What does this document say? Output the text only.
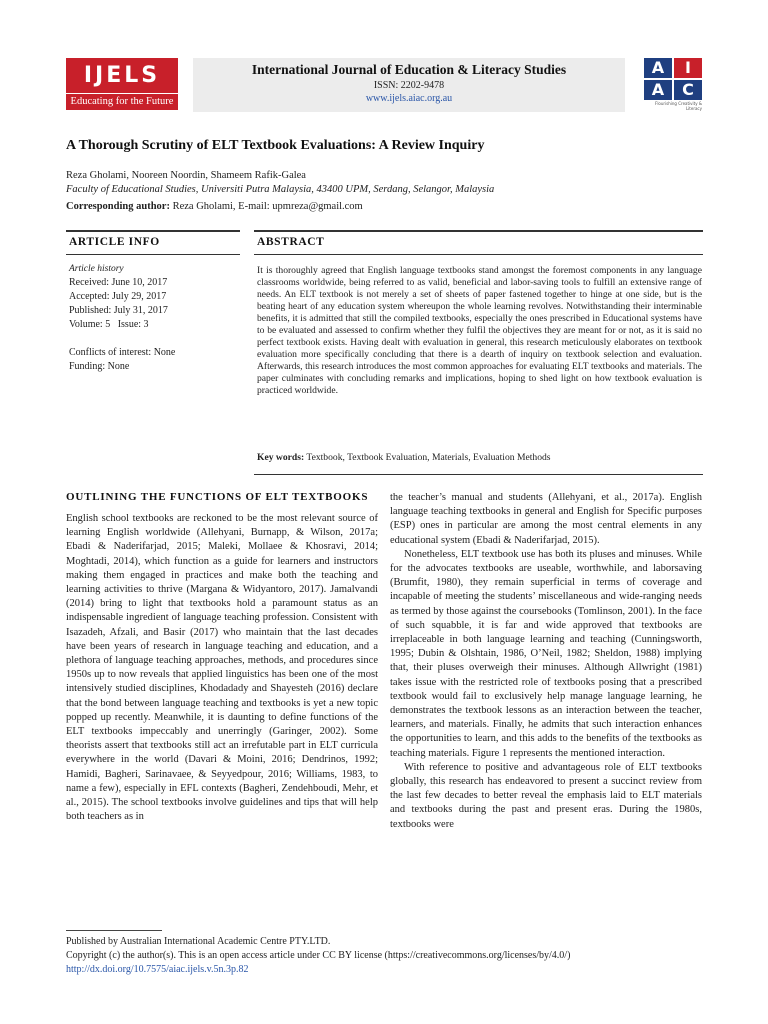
IJELS
Educating for the Future
International Journal of Education & Literacy Studies
ISSN: 2202-9478
www.ijels.aiac.org.au
A	I
A	C
Flourishing Creativity & Literacy
A Thorough Scrutiny of ELT Textbook Evaluations: A Review Inquiry
Reza Gholami, Nooreen Noordin, Shameem Rafik-Galea
Faculty of Educational Studies, Universiti Putra Malaysia, 43400 UPM, Serdang, Selangor, Malaysia
Corresponding author: Reza Gholami, E-mail: upmreza@gmail.com
ARTICLE INFO	ABSTRACT
Article history
Received: June 10, 2017
Accepted: July 29, 2017
Published: July 31, 2017
Volume: 5   Issue: 3
Conflicts of interest: None
Funding: None
It is thoroughly agreed that English language textbooks stand amongst the foremost components in any language classrooms worldwide, being referred to as valid, beneficial and labor-saving tools to fulfill an extensive range of needs. An ELT textbook is not merely a set of sheets of paper fastened together to hinge at one side, but is the beating heart of any education system whereupon the whole learning revolves. Notwithstanding their interminable benefits, it is admitted that still the compiled textbooks, especially the ones prescribed in Educational systems have to be evaluated and assessed to confirm whether they fulfil the objectives they are meant for or not, as it is said no perfect textbook exists. Having dealt with evaluation in general, this research meticulously elaborates on textbook evaluation more specifically concluding that there is a dearth of inquiry on textbook selection and evaluation. Afterwards, this research introduces the most common approaches for evaluating ELT textbooks and materials. The paper culminates with concluding remarks and implications, hoping to shed light on how textbook evaluation is practiced worldwide.
Key words: Textbook, Textbook Evaluation, Materials, Evaluation Methods
OUTLINING THE FUNCTIONS OF ELT TEXTBOOKS

English school textbooks are reckoned to be the most relevant source of learning English worldwide (Allehyani, Burnapp, & Wilson, 2017a; Ebadi & Naderifarjad, 2015; Maleki, Mollaee & Khosravi, 2014; Moghtadi, 2014), which function as a guide for learners and instructors making them engaged in practices and make both the teaching and learning activities to thrive (Margana & Widyantoro, 2017). Jamalvandi (2014) bring to light that textbooks hold a paramount status as an indispensable ingredient of language teaching profession. Consistent with Isazadeh, Afzali, and Basir (2017) who maintain that the last decades have been years of research in language teaching and education, and a plethora of language teaching approaches, methods, and procedures since 1950s up to now reveals that applied linguistics has been one of the most intensively studied disciplines, Khodadady and Shayesteh (2016) declare that the bond between language teaching and textbooks is yet a new topic popped up recently. Meanwhile, it is daunting to define functions of the ELT textbooks impeccably and unerringly (Garinger, 2002). Some theorists assert that textbooks still act an irrefutable part in ELT curricula everywhere in the world (Davari & Moini, 2016; Dendrinos, 1992; Hamidi, Bagheri, Sarinavaee, & Seyyedpour, 2016; Williams, 1983, to name a few), especially in EFL contexts (Bagheri, Zendehboudi, Mehr, et al., 2015). The school textbooks involve guidelines and tips that will help both teachers as in

the teacher’s manual and students (Allehyani, et al., 2017a). English language teaching textbooks in general and English for Specific purposes (ESP) ones in particular are among the most central elements in any educational system (Ebadi & Naderifarjad, 2015).

Nonetheless, ELT textbook use has both its pluses and minuses. While for the advocates textbooks are useable, worthwhile, and laborsaving (Brumfit, 1980), they remain superficial in terms of coverage and incapable of meeting the students’ miscellaneous and wide-ranging needs as termed by those against the coursebooks (Tomlinson, 2001). In the face of such squabble, it is far and wide approved that textbooks are irreplaceable in both language learning and teaching (Cunningsworth, 1995; Dubin & Olshtain, 1986, O’Neil, 1982; Sheldon, 1988) implying that, their pluses overweigh their minuses. Although Allwright (1981) takes issue with the restricted role of textbooks posing that a prescribed textbook would fail to exclusively help manage language learning, he demonstrates the textbook lessons as an interaction between the teacher, learners, and materials. Finally, he admits that such interaction enhances the opportunities to learn, and this adds to the benefits of the textbooks as teaching materials. Figure 1 represents the mentioned interaction.

With reference to positive and advantageous role of ELT textbooks globally, this research has endeavored to present a succinct review from the last few decades to better reveal the emphasis laid to ELT materials and textbooks during the past and present eras. During the 1980s, textbooks were

Published by Australian International Academic Centre PTY.LTD.
Copyright (c) the author(s). This is an open access article under CC BY license (https://creativecommons.org/licenses/by/4.0/)
http://dx.doi.org/10.7575/aiac.ijels.v.5n.3p.82
